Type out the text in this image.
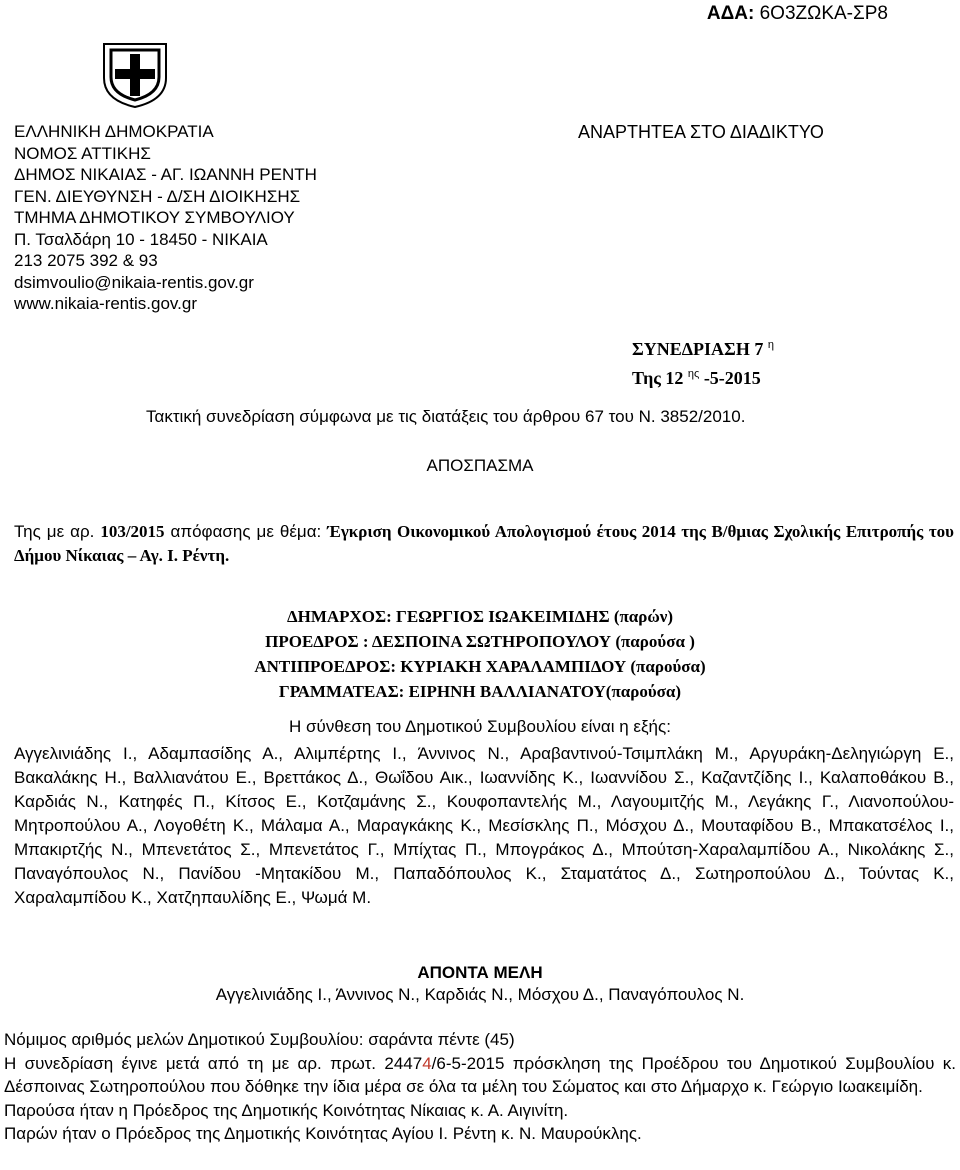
ΑΔΑ: 6Ο3ΖΩΚΑ-ΣΡ8
ΕΛΛΗΝΙΚΗ ΔΗΜΟΚΡΑΤΙΑ
ΝΟΜΟΣ ΑΤΤΙΚΗΣ
ΔΗΜΟΣ ΝΙΚΑΙΑΣ - ΑΓ. ΙΩΑΝΝΗ ΡΕΝΤΗ
ΓΕΝ. ΔΙΕΥΘΥΝΣΗ - Δ/ΣΗ ΔΙΟΙΚΗΣΗΣ
ΤΜΗΜΑ ΔΗΜΟΤΙΚΟΥ ΣΥΜΒΟΥΛΙΟΥ
Π. Τσαλδάρη 10 - 18450 - ΝΙΚΑΙΑ
213 2075 392 & 93
dsimvoulio@nikaia-rentis.gov.gr
www.nikaia-rentis.gov.gr
ΑΝΑΡΤΗΤΕΑ ΣΤΟ ΔΙΑΔΙΚΤΥΟ
ΣΥΝΕΔΡΙΑΣΗ 7 $^\eta$
Της 12 $^{\eta\varsigma}$ -5-2015
Τακτική συνεδρίαση σύμφωνα με τις διατάξεις του άρθρου 67 του Ν. 3852/2010.
ΑΠΟΣΠΑΣΜΑ
Της με αρ. 103/2015 απόφασης με θέμα: Έγκριση Οικονομικού Απολογισμού έτους 2014 της Β/θμιας Σχολικής Επιτροπής του Δήμου Νίκαιας – Αγ. Ι. Ρέντη.
ΔΗΜΑΡΧΟΣ: ΓΕΩΡΓΙΟΣ ΙΩΑΚΕΙΜΙΔΗΣ (παρών)
ΠΡΟΕΔΡΟΣ : ΔΕΣΠΟΙΝΑ ΣΩΤΗΡΟΠΟΥΛΟΥ (παρούσα )
ΑΝΤΙΠΡΟΕΔΡΟΣ: ΚΥΡΙΑΚΗ ΧΑΡΑΛΑΜΠΙΔΟΥ (παρούσα)
ΓΡΑΜΜΑΤΕΑΣ: ΕΙΡΗΝΗ ΒΑΛΛΙΑΝΑΤΟΥ(παρούσα)
Η σύνθεση του Δημοτικού Συμβουλίου είναι η εξής:
Αγγελινιάδης Ι., Αδαμπασίδης Α., Αλιμπέρτης Ι., Άννινος Ν., Αραβαντινού-Τσιμπλάκη Μ., Αργυράκη-Δεληγιώργη Ε., Βακαλάκης Η., Βαλλιανάτου Ε., Βρεττάκος Δ., Θωΐδου Αικ., Ιωαννίδης Κ., Ιωαννίδου Σ., Καζαντζίδης Ι., Καλαποθάκου Β., Καρδιάς Ν., Κατηφές Π., Κίτσος Ε., Κοτζαμάνης Σ., Κουφοπαντελής Μ., Λαγουμιτζής Μ., Λεγάκης Γ., Λιανοπούλου-Μητροπούλου Α., Λογοθέτη Κ., Μάλαμα Α., Μαραγκάκης Κ., Μεσίσκλης Π., Μόσχου Δ., Μουταφίδου Β., Μπακατσέλος Ι., Μπακιρτζής Ν., Μπενετάτος Σ., Μπενετάτος Γ., Μπίχτας Π., Μπογράκος Δ., Μπούτση-Χαραλαμπίδου Α., Νικολάκης Σ., Παναγόπουλος Ν., Πανίδου -Μητακίδου Μ., Παπαδόπουλος Κ., Σταματάτος Δ., Σωτηροπούλου Δ., Τούντας Κ., Χαραλαμπίδου Κ., Χατζηπαυλίδης Ε., Ψωμά Μ.
ΑΠΟΝΤΑ ΜΕΛΗ
Αγγελινιάδης Ι., Άννινος Ν., Καρδιάς Ν., Μόσχου Δ., Παναγόπουλος Ν.
Νόμιμος αριθμός μελών Δημοτικού Συμβουλίου: σαράντα πέντε (45)
Η συνεδρίαση έγινε μετά από τη με αρ. πρωτ. 24474/6-5-2015 πρόσκληση της Προέδρου του Δημοτικού Συμβουλίου κ. Δέσποινας Σωτηροπούλου που δόθηκε την ίδια μέρα σε όλα τα μέλη του Σώματος και στο Δήμαρχο κ. Γεώργιο Ιωακειμίδη.
Παρούσα ήταν η Πρόεδρος της Δημοτικής Κοινότητας Νίκαιας κ. Α. Αιγινίτη.
Παρών ήταν ο Πρόεδρος της Δημοτικής Κοινότητας Αγίου Ι. Ρέντη κ. Ν. Μαυρούκλης.
